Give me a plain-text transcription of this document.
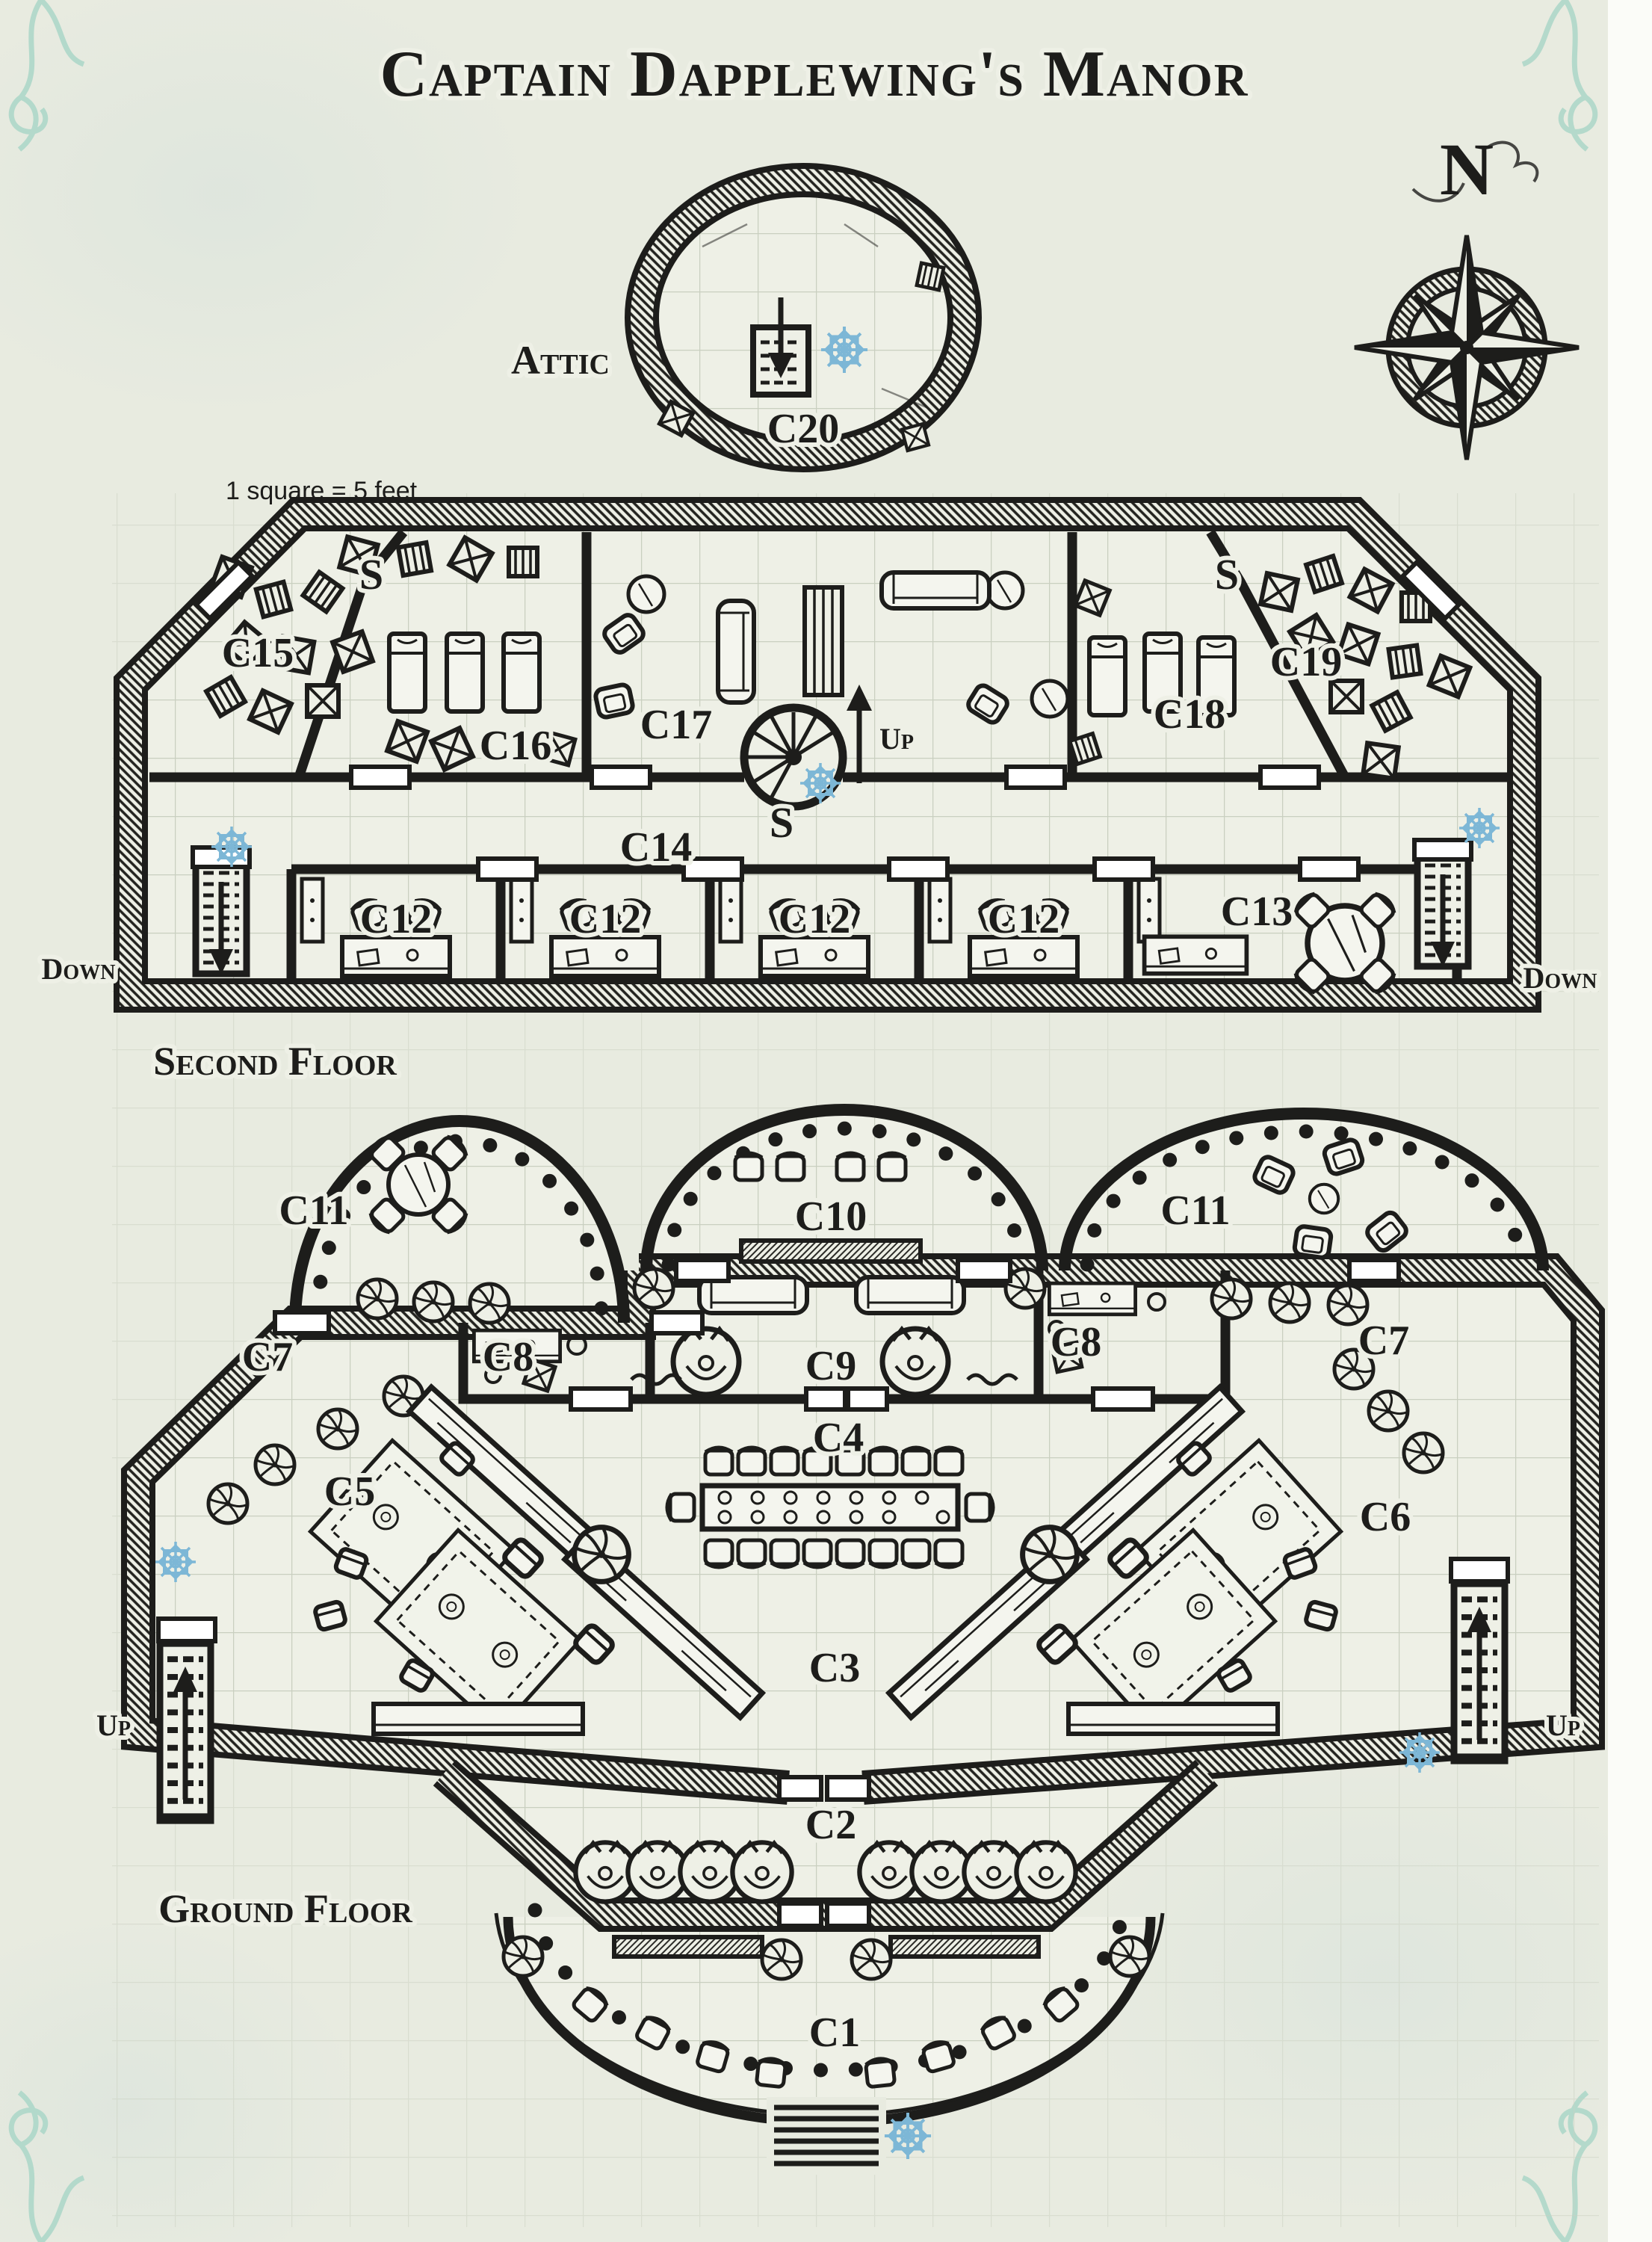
Captain Dapplewing's Manor
N
C20
Attic
1 square = 5 feet
C15
C16 C17	C18
C19
C14
C12	C12	C12	C12	C13
S	S
S
Up
Down	Down
Second Floor
C11	C10	C11
C7	C8	C9
C8	C7
C4
C5
C6
C3
C2
C1
Up	Up
Ground Floor
